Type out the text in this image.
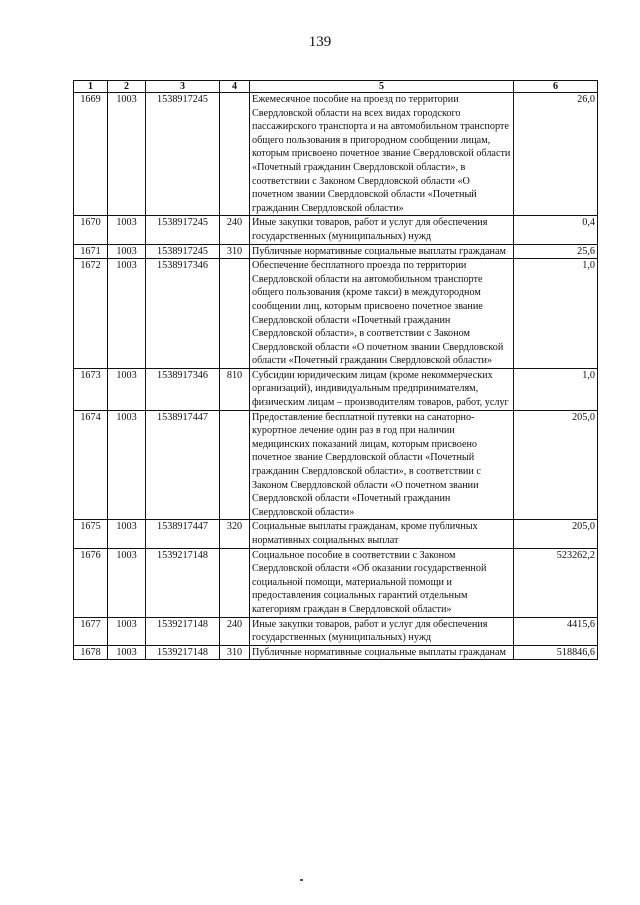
139
1	2	3	4	5	6
1669	1003	1538917245		Ежемесячное пособие на проезд по территории Свердловской области на всех видах городского пассажирского транспорта и на автомобильном транспорте общего пользования в пригородном сообщении лицам, которым присвоено почетное звание Свердловской области «Почетный гражданин Свердловской области», в соответствии с Законом Свердловской области «О почетном звании Свердловской области «Почетный гражданин Свердловской области»	26,0
1670	1003	1538917245	240	Иные закупки товаров, работ и услуг для обеспечения государственных (муниципальных) нужд	0,4
1671	1003	1538917245	310	Публичные нормативные социальные выплаты гражданам	25,6
1672	1003	1538917346		Обеспечение бесплатного проезда по территории Свердловской области на автомобильном транспорте общего пользования (кроме такси) в междугородном сообщении лиц, которым присвоено почетное звание Свердловской области «Почетный гражданин Свердловской области», в соответствии с Законом Свердловской области «О почетном звании Свердловской области «Почетный гражданин Свердловской области»	1,0
1673	1003	1538917346	810	Субсидии юридическим лицам (кроме некоммерческих организаций), индивидуальным предпринимателям, физическим лицам – производителям товаров, работ, услуг	1,0
1674	1003	1538917447		Предоставление бесплатной путевки на санаторно-курортное лечение один раз в год при наличии медицинских показаний лицам, которым присвоено почетное звание Свердловской области «Почетный гражданин Свердловской области», в соответствии с Законом Свердловской области «О почетном звании Свердловской области «Почетный гражданин Свердловской области»	205,0
1675	1003	1538917447	320	Социальные выплаты гражданам, кроме публичных нормативных социальных выплат	205,0
1676	1003	1539217148		Социальное пособие в соответствии с Законом Свердловской области «Об оказании государственной социальной помощи, материальной помощи и предоставления социальных гарантий отдельным категориям граждан в Свердловской области»	523262,2
1677	1003	1539217148	240	Иные закупки товаров, работ и услуг для обеспечения государственных (муниципальных) нужд	4415,6
1678	1003	1539217148	310	Публичные нормативные социальные выплаты гражданам	518846,6
